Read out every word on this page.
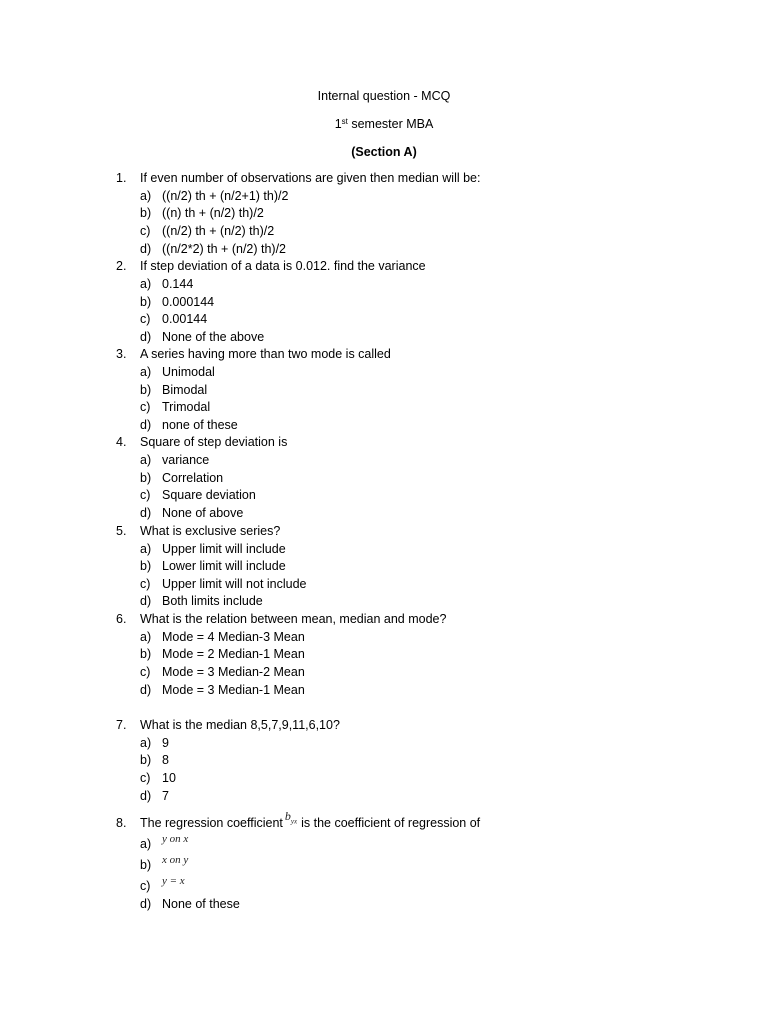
Internal question - MCQ
1st semester MBA
(Section A)
1. If even number of observations are given then median will be:
a) ((n/2) th + (n/2+1) th)/2
b) ((n) th + (n/2) th)/2
c) ((n/2) th + (n/2) th)/2
d) ((n/2*2) th + (n/2) th)/2
2. If step deviation of a data is 0.012. find the variance
a) 0.144
b) 0.000144
c) 0.00144
d) None of the above
3. A series having more than two mode is called
a) Unimodal
b) Bimodal
c) Trimodal
d) none of these
4. Square of step deviation is
a) variance
b) Correlation
c) Square deviation
d) None of above
5. What is exclusive series?
a) Upper limit will include
b) Lower limit will include
c) Upper limit will not include
d) Both limits include
6. What is the relation between mean, median and mode?
a) Mode = 4 Median-3 Mean
b) Mode = 2 Median-1 Mean
c) Mode = 3 Median-2 Mean
d) Mode = 3 Median-1 Mean
7. What is the median 8,5,7,9,11,6,10?
a) 9
b) 8
c) 10
d) 7
8. The regression coefficient $b_{yx}$ is the coefficient of regression of
a) y on x
b) x on y
c) y = x
d) None of these
